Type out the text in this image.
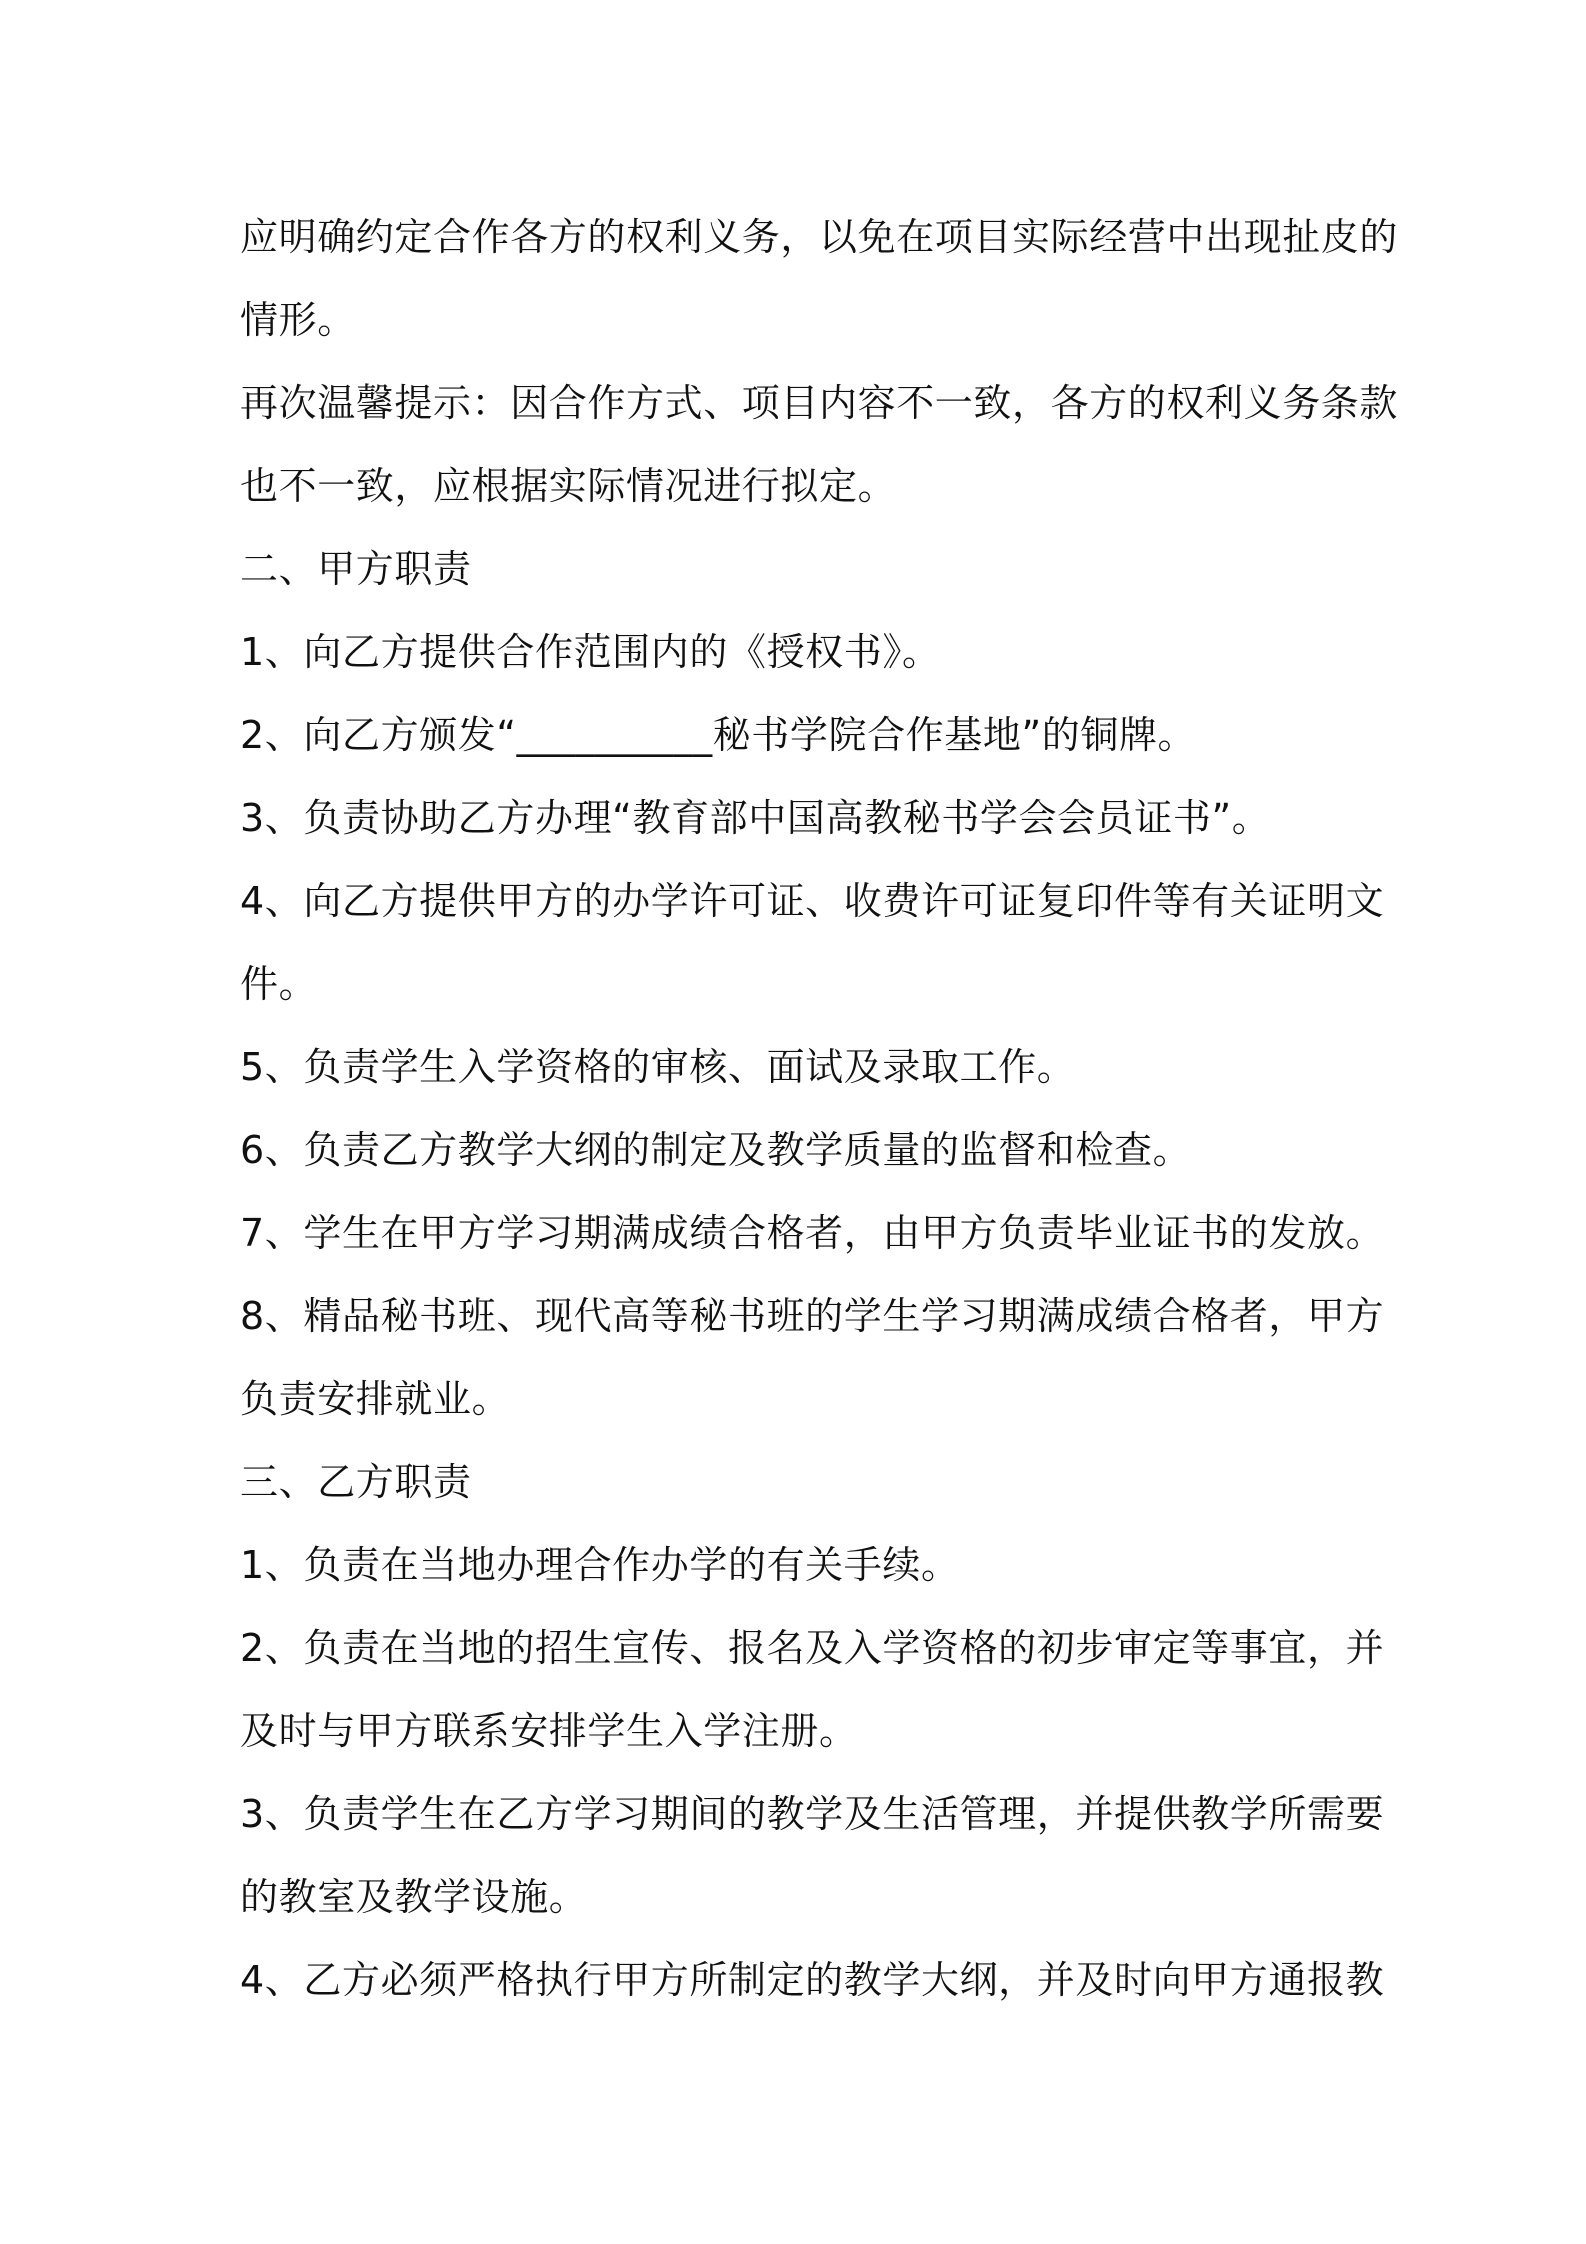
应明确约定合作各方的权利义务，以免在项目实际经营中出现扯皮的
情形。
再次温馨提示：因合作方式、项目内容不一致，各方的权利义务条款
也不一致，应根据实际情况进行拟定。
二、甲方职责
1、向乙方提供合作范围内的《授权书》。
2、向乙方颁发“__________秘书学院合作基地”的铜牌。
3、负责协助乙方办理“教育部中国高教秘书学会会员证书”。
4、向乙方提供甲方的办学许可证、收费许可证复印件等有关证明文
件。
5、负责学生入学资格的审核、面试及录取工作。
6、负责乙方教学大纲的制定及教学质量的监督和检查。
7、学生在甲方学习期满成绩合格者，由甲方负责毕业证书的发放。
8、精品秘书班、现代高等秘书班的学生学习期满成绩合格者，甲方
负责安排就业。
三、乙方职责
1、负责在当地办理合作办学的有关手续。
2、负责在当地的招生宣传、报名及入学资格的初步审定等事宜，并
及时与甲方联系安排学生入学注册。
3、负责学生在乙方学习期间的教学及生活管理，并提供教学所需要
的教室及教学设施。
4、乙方必须严格执行甲方所制定的教学大纲，并及时向甲方通报教
